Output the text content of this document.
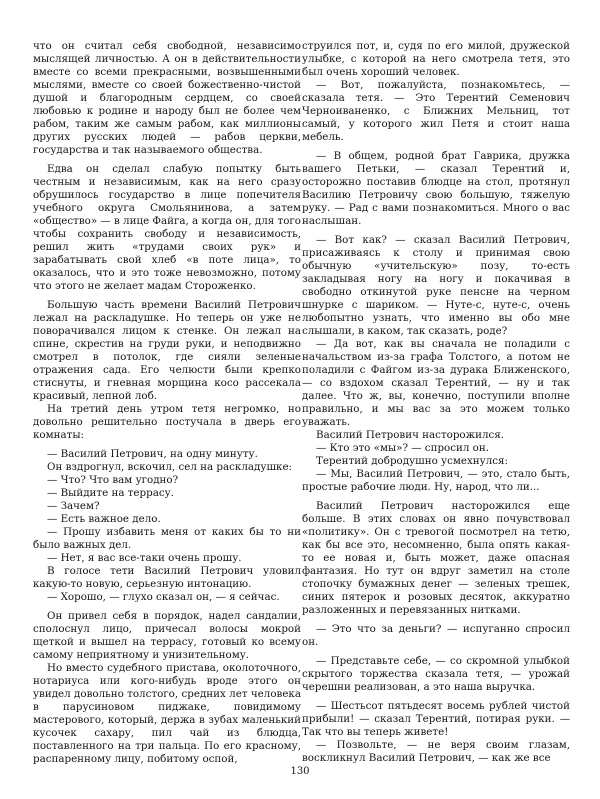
что он считал себя свободной, независимо мыслящей личностью. А он в действительности вместе со всеми прекрасными, возвышенными мыслями, вместе со своей божественно-чистой душой и благородным сердцем, со своей любовью к родине и народу был не более чем рабом, таким же самым рабом, как миллионы других русских людей — рабов церкви, государства и так называемого общества.

Едва он сделал слабую попытку быть честным и независимым, как на него сразу обрушилось государство в лице попечителя учебного округа Смольянинова, а затем «общество» — в лице Файга, а когда он, для того чтобы сохранить свободу и независимость, решил жить «трудами своих рук» и зарабатывать свой хлеб «в поте лица», то оказалось, что и это тоже невозможно, потому что этого не желает мадам Стороженко.

Большую часть времени Василий Петрович лежал на раскладушке. Но теперь он уже не поворачивался лицом к стенке. Он лежал на спине, скрестив на груди руки, и неподвижно смотрел в потолок, где сияли зеленые отражения сада. Его челюсти были крепко стиснуты, и гневная морщина косо рассекала красивый, лепной лоб.

На третий день утром тетя негромко, но довольно решительно постучала в дверь его комнаты:

— Василий Петрович, на одну минуту.

Он вздрогнул, вскочил, сел на раскладушке:

— Что? Что вам угодно?

— Выйдите на террасу.

— Зачем?

— Есть важное дело.

— Прошу избавить меня от каких бы то ни было важных дел.

— Нет, я вас все-таки очень прошу.

В голосе тети Василий Петрович уловил какую-то новую, серьезную интонацию.

— Хорошо, — глухо сказал он, — я сейчас.

Он привел себя в порядок, надел сандалии, сполоснул лицо, причесал волосы мокрой щеткой и вышел на террасу, готовый ко всему самому неприятному и унизительному.

Но вместо судебного пристава, околоточного, нотариуса или кого-нибудь вроде этого он увидел довольно толстого, средних лет человека в парусиновом пиджаке, повидимому мастерового, который, держа в зубах маленький кусочек сахару, пил чай из блюдца, поставленного на три пальца. По его красному, распаренному лицу, побитому оспой,

струился пот, и, судя по его милой, дружеской улыбке, с которой на него смотрела тетя, это был очень хороший человек.

— Вот, пожалуйста, познакомьтесь, — сказала тетя. — Это Терентий Семенович Черноиваненко, с Ближних Мельниц, тот самый, у которого жил Петя и стоит наша мебель.

— В общем, родной брат Гаврика, дружка вашего Петьки, — сказал Терентий и, осторожно поставив блюдце на стол, протянул Василию Петровичу свою большую, тяжелую руку. — Рад с вами познакомиться. Много о вас наслышан.

— Вот как? — сказал Василий Петрович, присаживаясь к столу и принимая свою обычную «учительскую» позу, то-есть закладывая ногу на ногу и покачивая в свободно откинутой руке пенсне на черном шнурке с шариком. — Нуте-с, нуте-с, очень любопытно узнать, что именно вы обо мне слышали, в каком, так сказать, роде?

— Да вот, как вы сначала не поладили с начальством из-за графа Толстого, а потом не поладили с Файгом из-за дурака Ближенского, — со вздохом сказал Терентий, — ну и так далее. Что ж, вы, конечно, поступили вполне правильно, и мы вас за это можем только уважать.

Василий Петрович насторожился.

— Кто это «мы»? — спросил он.

Терентий добродушно усмехнулся:

— Мы, Василий Петрович, — это, стало быть, простые рабочие люди. Ну, народ, что ли...

Василий Петрович насторожился еще больше. В этих словах он явно почувствовал «политику». Он с тревогой посмотрел на тетю, как бы все это, несомненно, была опять какая-то ее новая и, быть может, даже опасная фантазия. Но тут он вдруг заметил на столе стопочку бумажных денег — зеленых трешек, синих пятерок и розовых десяток, аккуратно разложенных и перевязанных нитками.

— Это что за деньги? — испуганно спросил он.

— Представьте себе, — со скромной улыбкой скрытого торжества сказала тетя, — урожай черешни реализован, а это наша выручка.

— Шестьсот пятьдесят восемь рублей чистой прибыли! — сказал Терентий, потирая руки. — Так что вы теперь живете!

— Позвольте, — не веря своим глазам, воскликнул Василий Петрович, — как же все

130
